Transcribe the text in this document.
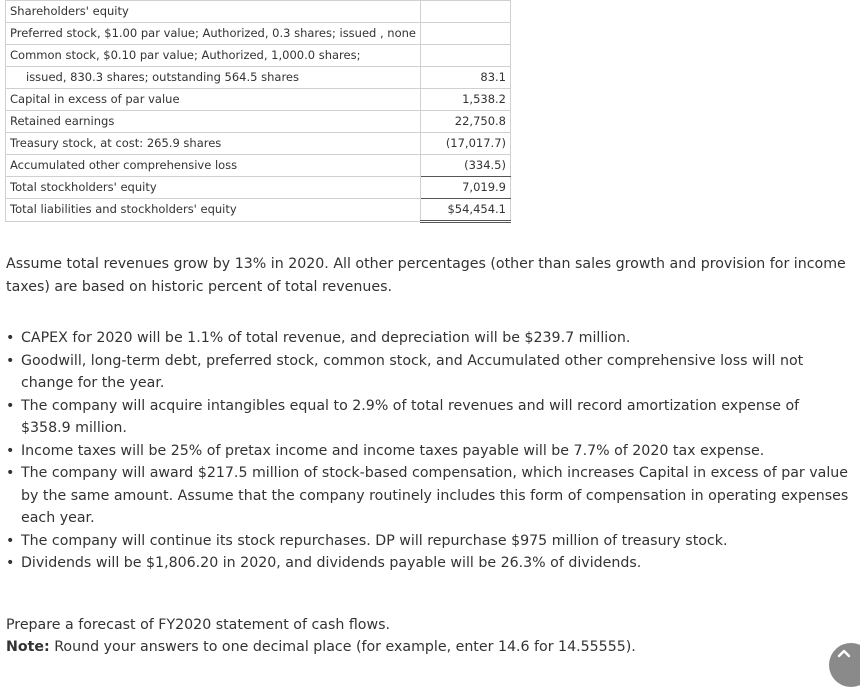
Shareholders' equity	
Preferred stock, $1.00 par value; Authorized, 0.3 shares; issued , none	
Common stock, $0.10 par value; Authorized, 1,000.0 shares;	
issued, 830.3 shares; outstanding 564.5 shares	83.1
Capital in excess of par value	1,538.2
Retained earnings	22,750.8
Treasury stock, at cost: 265.9 shares	(17,017.7)
Accumulated other comprehensive loss	(334.5)
Total stockholders' equity	7,019.9
Total liabilities and stockholders' equity	$54,454.1

Assume total revenues grow by 13% in 2020. All other percentages (other than sales growth and provision for income taxes) are based on historic percent of total revenues.

• CAPEX for 2020 will be 1.1% of total revenue, and depreciation will be $239.7 million.
• Goodwill, long-term debt, preferred stock, common stock, and Accumulated other comprehensive loss will not change for the year.
• The company will acquire intangibles equal to 2.9% of total revenues and will record amortization expense of $358.9 million.
• Income taxes will be 25% of pretax income and income taxes payable will be 7.7% of 2020 tax expense.
• The company will award $217.5 million of stock-based compensation, which increases Capital in excess of par value by the same amount. Assume that the company routinely includes this form of compensation in operating expenses each year.
• The company will continue its stock repurchases. DP will repurchase $975 million of treasury stock.
• Dividends will be $1,806.20 in 2020, and dividends payable will be 26.3% of dividends.

Prepare a forecast of FY2020 statement of cash flows.

Note: Round your answers to one decimal place (for example, enter 14.6 for 14.55555).
